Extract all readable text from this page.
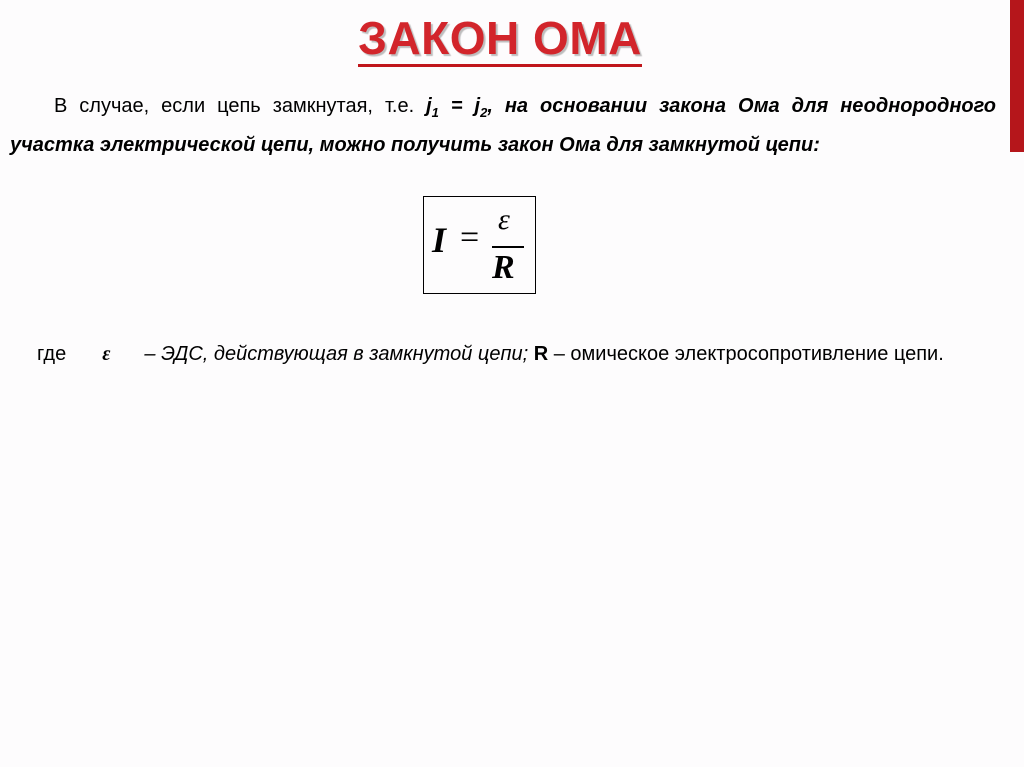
ЗАКОН ОМА
В случае, если цепь замкнутая, т.е. $j_1 = j_2$, на основании закона Ома для неоднородного участка электрической цепи, можно получить закон Ома для замкнутой цепи:
I = ε
R
где ε – ЭДС, действующая в замкнутой цепи; R – омическое электросопротивление цепи.
